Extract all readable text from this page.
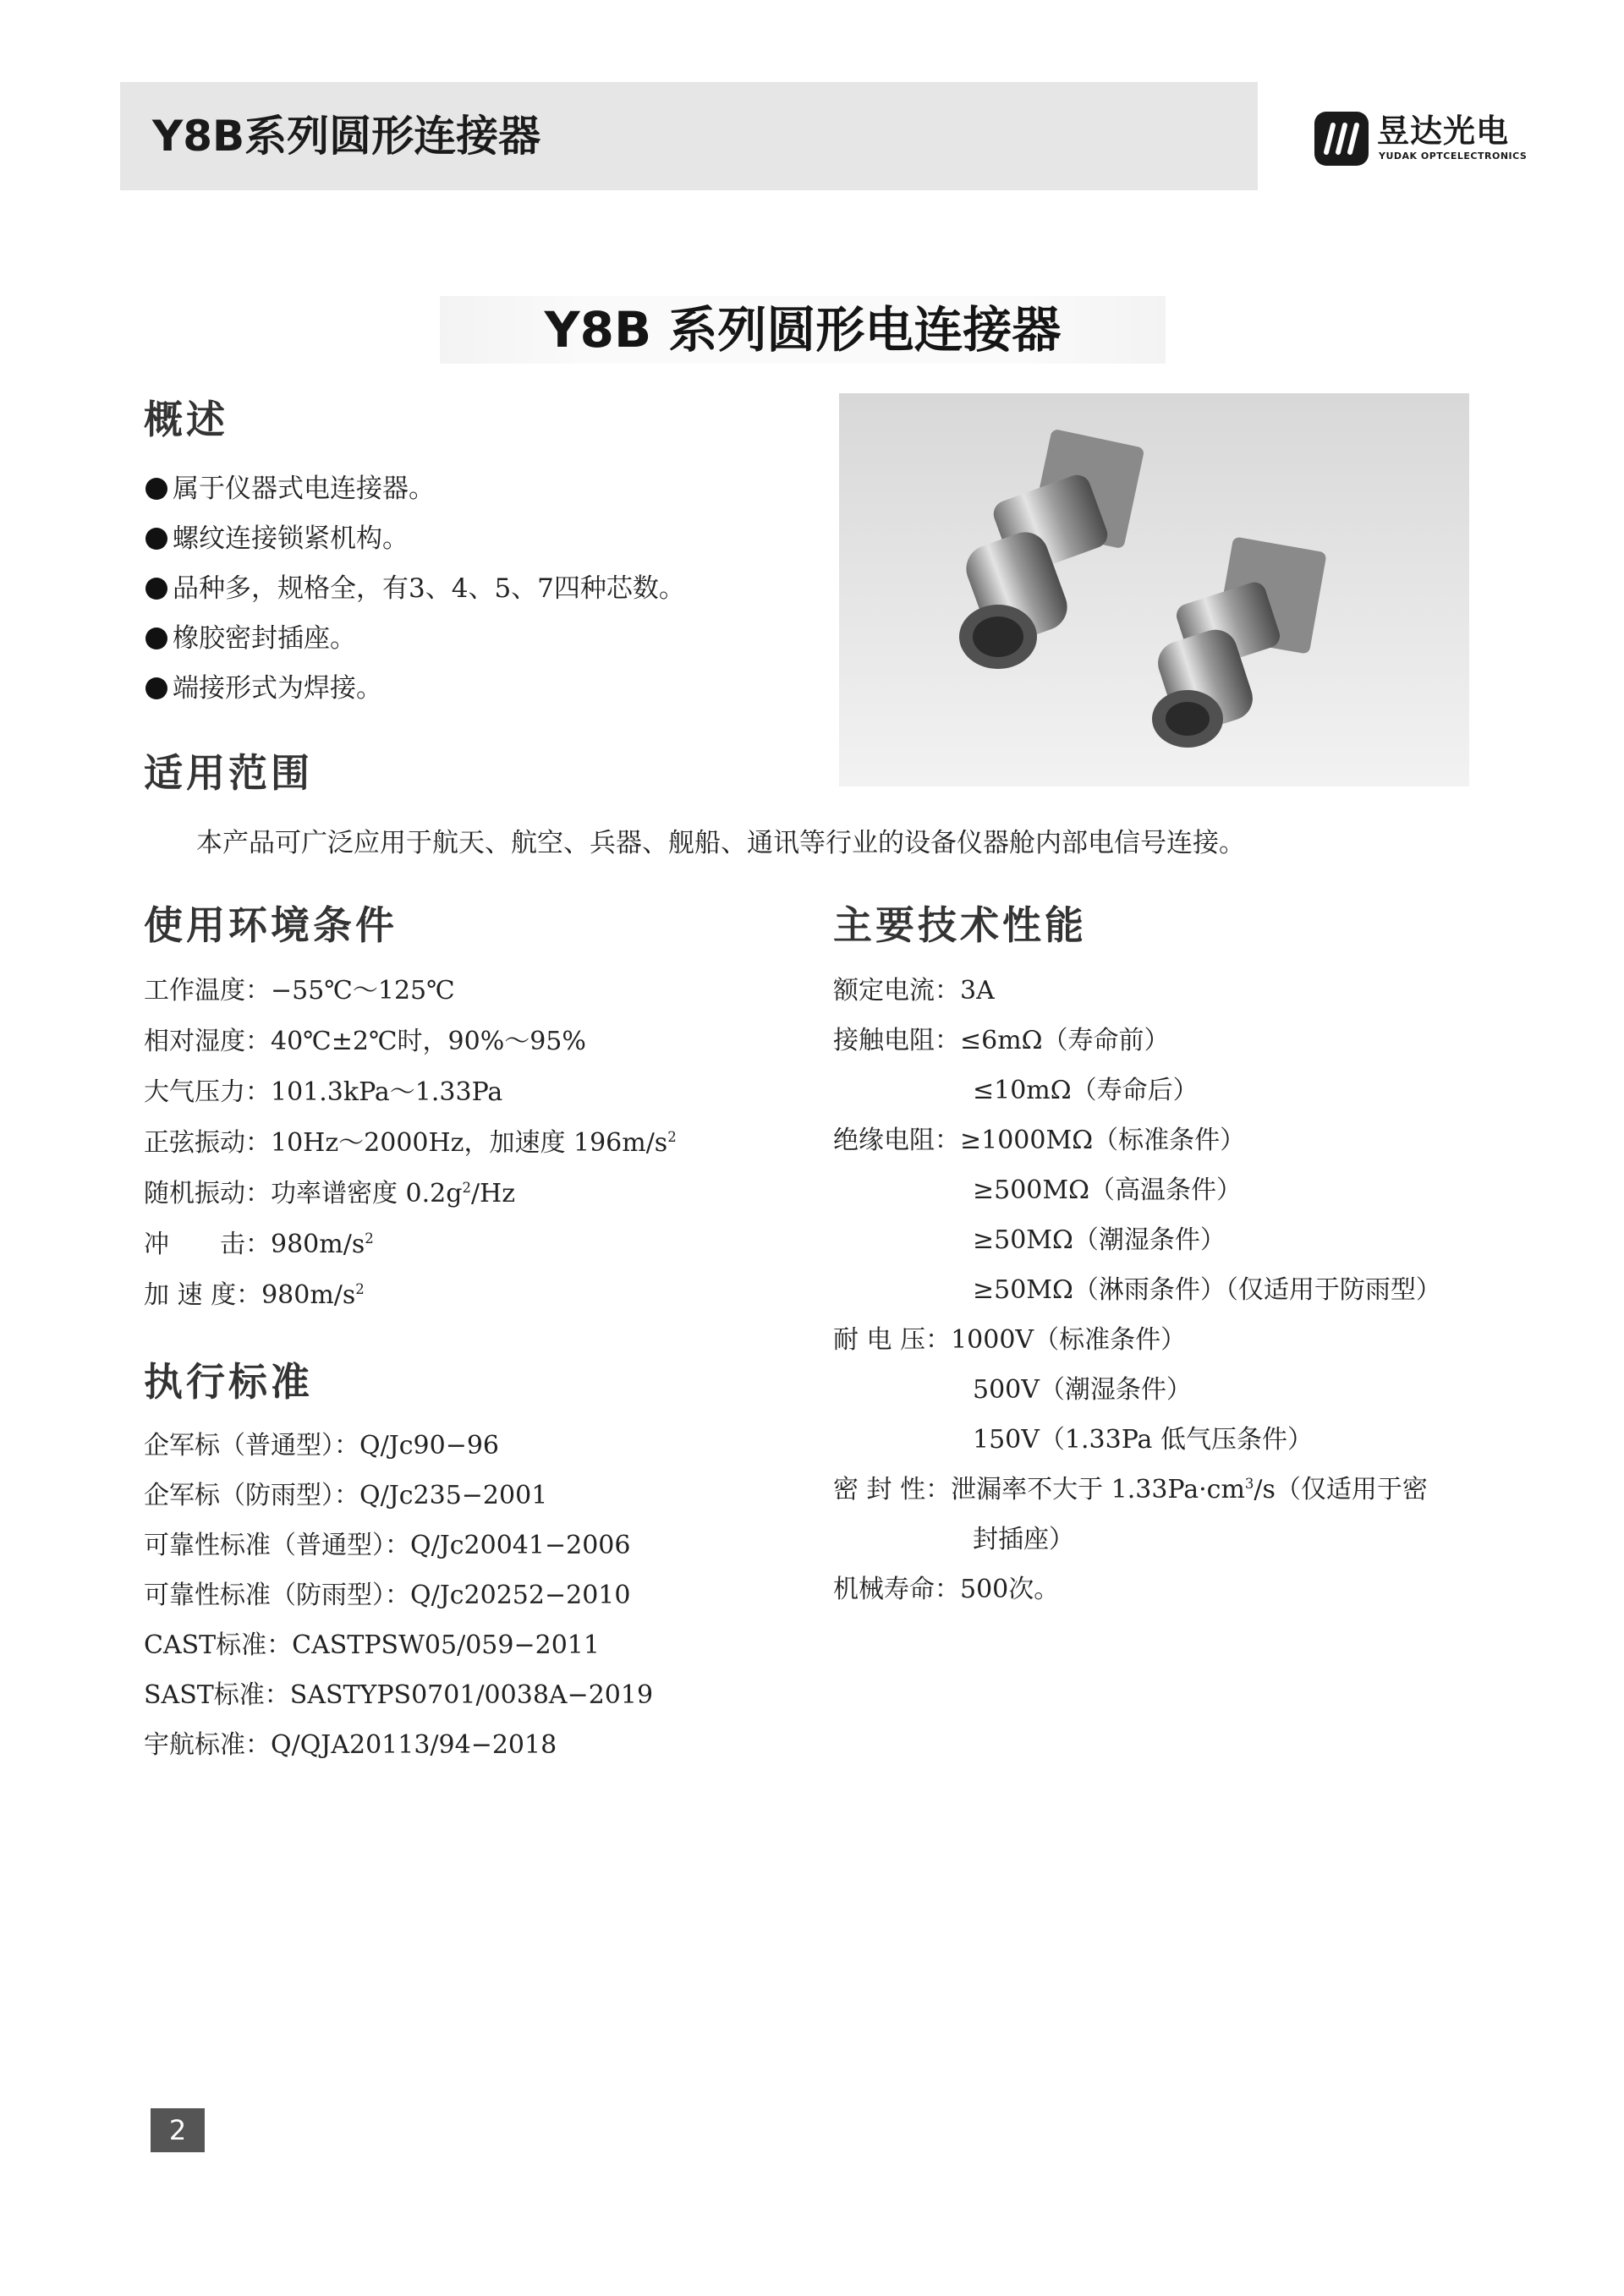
Y8B系列圆形连接器	昱达光电
YUDAK OPTCELECTRONICS
Y8B 系列圆形电连接器
概述
属于仪器式电连接器。
螺纹连接锁紧机构。
品种多，规格全，有3、4、5、7四种芯数。
橡胶密封插座。
端接形式为焊接。
适用范围
本产品可广泛应用于航天、航空、兵器、舰船、通讯等行业的设备仪器舱内部电信号连接。
使用环境条件
工作温度：−55℃～125℃
相对湿度：40℃±2℃时，90%～95%
大气压力：101.3kPa～1.33Pa
正弦振动：10Hz～2000Hz，加速度 $196m/s^2$
随机振动：功率谱密度 $0.2g^2/Hz$
冲　　击：$980m/s^2$
加 速 度：$980m/s^2$
执行标准
企军标（普通型）：Q/Jc90−96
企军标（防雨型）：Q/Jc235−2001
可靠性标准（普通型）：Q/Jc20041−2006
可靠性标准（防雨型）：Q/Jc20252−2010
CAST标准：CASTPSW05/059−2011
SAST标准：SASTYPS0701/0038A−2019
宇航标准：Q/QJA20113/94−2018
主要技术性能
额定电流：3A
接触电阻：≤6mΩ（寿命前）
≤10mΩ（寿命后）
绝缘电阻：≥1000MΩ（标准条件）
≥500MΩ（高温条件）
≥50MΩ（潮湿条件）
≥50MΩ（淋雨条件）（仅适用于防雨型）
耐 电 压：1000V（标准条件）
500V（潮湿条件）
150V（1.33Pa 低气压条件）
密 封 性：泄漏率不大于 $1.33Pa\cdot cm^3/s$（仅适用于密
封插座）
机械寿命：500次。
2
